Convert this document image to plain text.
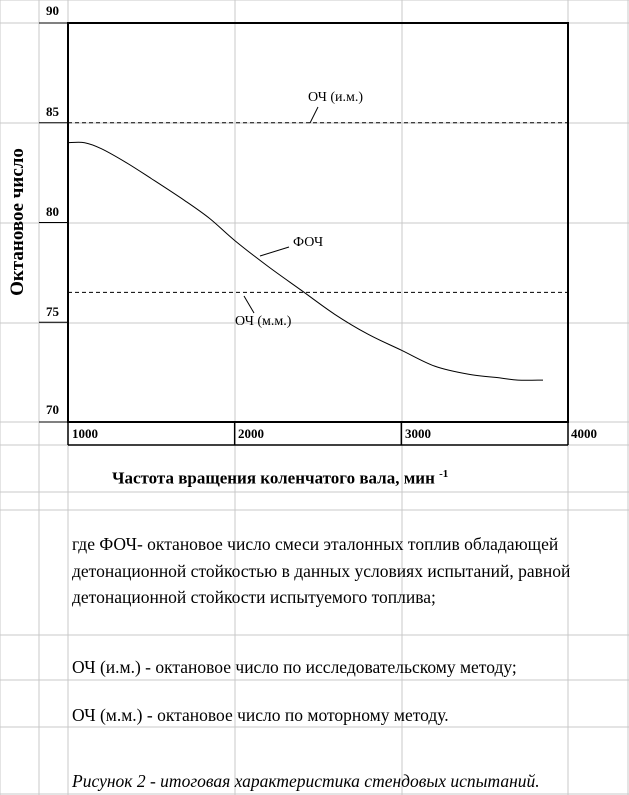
Октановое число
90
85
80
75
70
1000	2000	3000	4000
Частота вращения коленчатого вала, мин $^{-1}$
ОЧ (и.м.)
ФОЧ
ОЧ (м.м.)
где ФОЧ- октановое число смеси эталонных топлив обладающей детонационной стойкостью в данных условиях испытаний, равной детонационной стойкости испытуемого топлива;
ОЧ (и.м.) - октановое число по исследовательскому методу;
ОЧ (м.м.) - октановое число по моторному методу.
Рисунок 2 - итоговая характеристика стендовых испытаний.
